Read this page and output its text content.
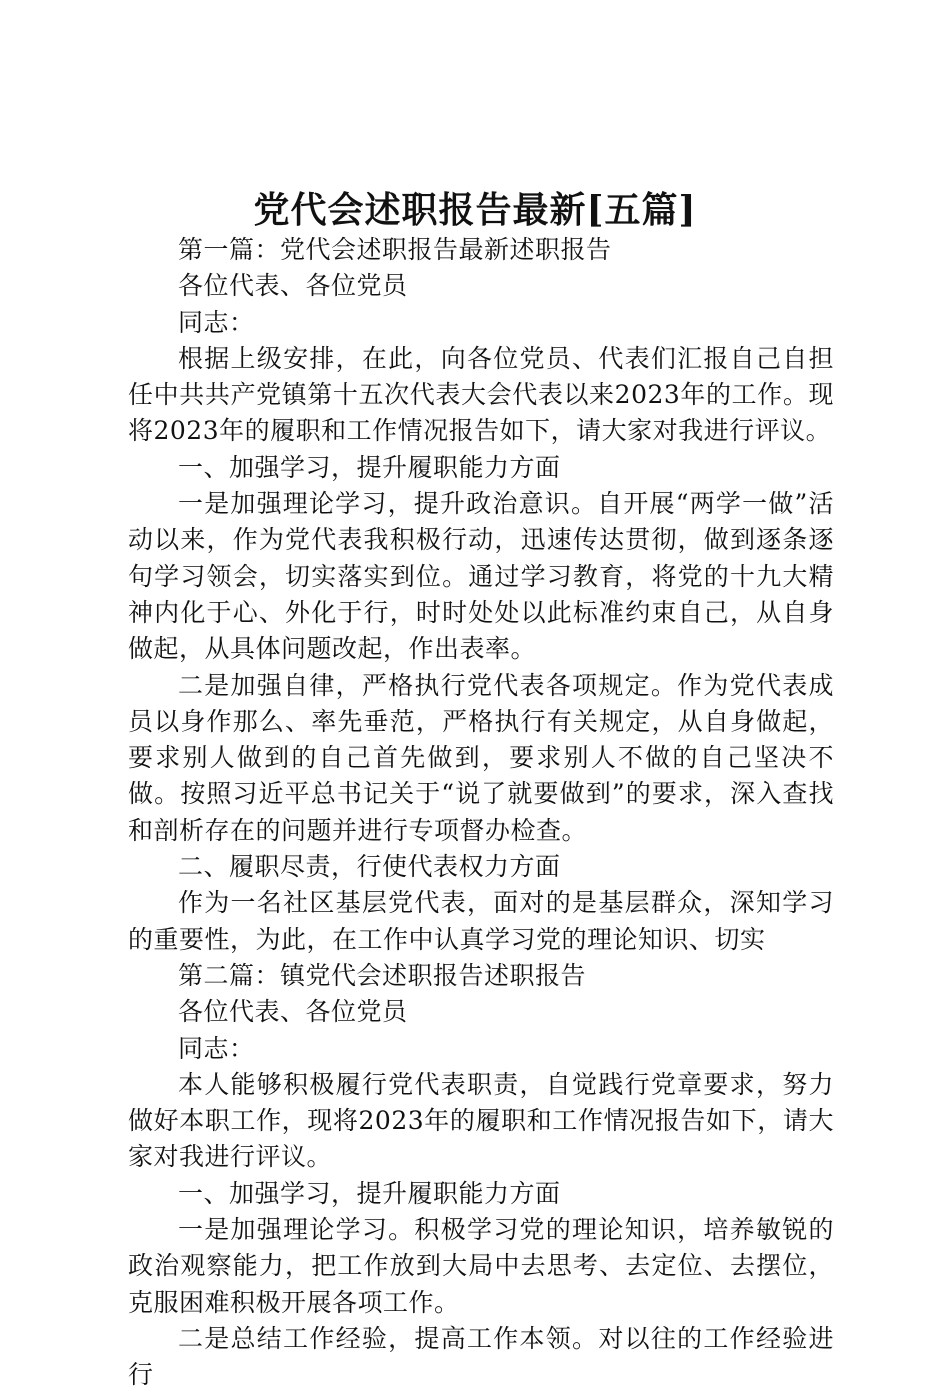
党代会述职报告最新[五篇]

第一篇：党代会述职报告最新述职报告

各位代表、各位党员

同志：

根据上级安排，在此，向各位党员、代表们汇报自己自担任中共共产党镇第十五次代表大会代表以来2023年的工作。现将2023年的履职和工作情况报告如下，请大家对我进行评议。

一、加强学习，提升履职能力方面

一是加强理论学习，提升政治意识。自开展“两学一做”活动以来，作为党代表我积极行动，迅速传达贯彻，做到逐条逐句学习领会，切实落实到位。通过学习教育，将党的十九大精神内化于心、外化于行，时时处处以此标准约束自己，从自身做起，从具体问题改起，作出表率。

二是加强自律，严格执行党代表各项规定。作为党代表成员以身作那么、率先垂范，严格执行有关规定，从自身做起，要求别人做到的自己首先做到，要求别人不做的自己坚决不做。按照习近平总书记关于“说了就要做到”的要求，深入查找和剖析存在的问题并进行专项督办检查。

二、履职尽责，行使代表权力方面

作为一名社区基层党代表，面对的是基层群众，深知学习的重要性，为此，在工作中认真学习党的理论知识、切实

第二篇：镇党代会述职报告述职报告

各位代表、各位党员

同志：

本人能够积极履行党代表职责，自觉践行党章要求，努力做好本职工作，现将2023年的履职和工作情况报告如下，请大家对我进行评议。

一、加强学习，提升履职能力方面

一是加强理论学习。积极学习党的理论知识，培养敏锐的政治观察能力，把工作放到大局中去思考、去定位、去摆位，克服困难积极开展各项工作。

二是总结工作经验，提高工作本领。对以往的工作经验进行
